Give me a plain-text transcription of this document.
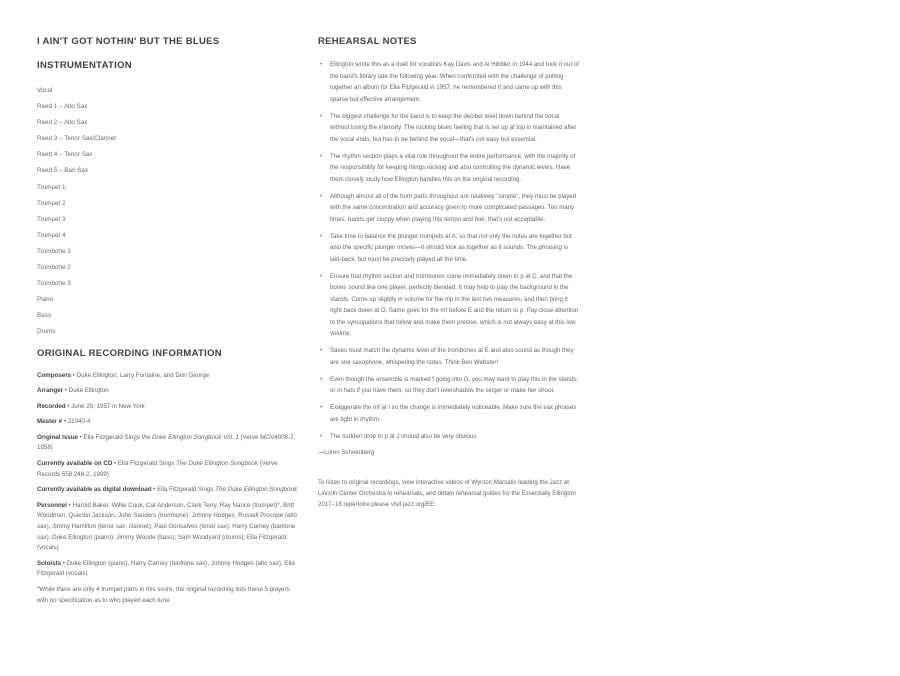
I AIN'T GOT NOTHIN' BUT THE BLUES
INSTRUMENTATION
Vocal
Reed 1 – Alto Sax
Reed 2 – Alto Sax
Reed 3 – Tenor Sax/Clarinet
Reed 4 – Tenor Sax
Reed 5 – Bari Sax
Trumpet 1
Trumpet 2
Trumpet 3
Trumpet 4
Trombone 1
Trombone 2
Trombone 3
Piano
Bass
Drums
ORIGINAL RECORDING INFORMATION

Composers • Duke Ellington, Larry Fontaine, and Don George

Arranger • Duke Ellington

Recorded • June 25, 1957 in New York

Master # • 21040-4

Original Issue • Ella Fitzgerald Sings the Duke Ellington Songbook Vol. 1 (Verve MGV4008-2, 1958)

Currently available on CD • Ella Fitzgerald Sings The Duke Ellington Songbook (Verve Records 559 248-2, 1999)

Currently available as digital download • Ella Fitzgerald Sings The Duke Ellington Songbook

Personnel • Harold Baker, Willie Cook, Cat Anderson, Clark Terry, Ray Nance (trumpet)*, Britt Woodman, Quentin Jackson, John Sanders (trombone); Johnny Hodges, Russell Procope (alto sax), Jimmy Hamilton (tenor sax, clarinet); Paul Gonsalves (tenor sax); Harry Carney (baritone sax); Duke Ellington (piano); Jimmy Woode (bass); Sam Woodyard (drums); Ella Fitzgerald (vocals)

Soloists • Duke Ellington (piano), Harry Carney (baritone sax), Johnny Hodges (alto sax), Ella Fitzgerald (vocals)

*While there are only 4 trumpet parts in this score, the original recording lists these 5 players with no specification as to who played each tune.

REHEARSAL NOTES
• Ellington wrote this as a duet for vocalists Kay Davis and Al Hibbler in 1944 and took it out of the band's library late the following year. When confronted with the challenge of putting together an album for Ella Fitzgerald in 1957, he remembered it and came up with this sparse but effective arrangement.
• The biggest challenge for the band is to keep the decibel level down behind the vocal without losing the intensity. The rocking blues feeling that is set up at top is maintained after the vocal ends, but has to be behind the vocal—that's not easy but essential.
• The rhythm section plays a vital role throughout the entire performance, with the majority of the responsibility for keeping things rocking and also controlling the dynamic levels. Have them closely study how Ellington handles this on the original recording.
• Although almost all of the horn parts throughout are relatively "simple", they must be played with the same concentration and accuracy given to more complicated passages. Too many times, bands get sloppy when playing this tempo and feel; that's not acceptable.
• Take time to balance the plunger trumpets at A, so that not only the notes are together but also the specific plunger moves—it should look as together as it sounds. The phrasing is laid-back, but must be precisely played all the time.
• Ensure that rhythm section and trombones come immediately down to p at C, and that the bones sound like one player, perfectly blended. It may help to play the background in the stands. Come up slightly in volume for the mp in the last two measures, and then bring it right back down at D. Same goes for the mf before E and the return to p. Pay close attention to the syncopations that follow and make them precise, which is not always easy at this low volume.
• Saxes must match the dynamic level of the trombones at E and also sound as though they are one saxophone, whispering the notes. Think Ben Webster!
• Even though the ensemble is marked f going into G, you may want to play this in the stands, or in hats if you have them, so they don't overshadow the singer or make her shout.
• Exaggerate the mf at I so the change is immediately noticeable. Make sure the sax phrases are tight in rhythm.
• The sudden drop to p at J should also be very obvious.

—Loren Schoenberg

To listen to original recordings, view interactive videos of Wynton Marsalis leading the Jazz at Lincoln Center Orchestra in rehearsals, and obtain rehearsal guides for the Essentially Ellington 2017–18 repertoire please visit jazz.org/EE.
